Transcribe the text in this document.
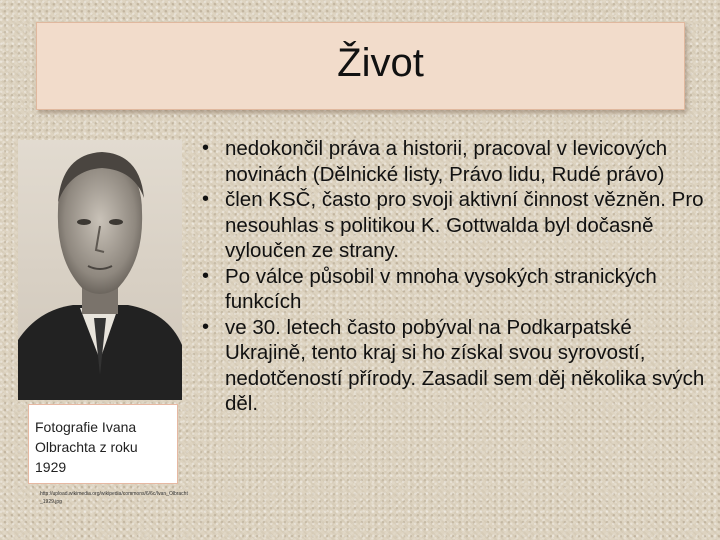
Život
Fotografie Ivana Olbrachta z roku 1929
http://upload.wikimedia.org/wikipedia/commons/6/6c/Ivan_Olbracht_1929.jpg
• nedokončil práva a historii, pracoval v levicových novinách (Dělnické listy, Právo lidu, Rudé právo)
• člen KSČ, často pro svoji aktivní činnost vězněn. Pro nesouhlas s politikou K. Gottwalda byl dočasně vyloučen ze strany.
• Po válce působil v mnoha vysokých stranických funkcích
• ve 30. letech často pobýval na Podkarpatské Ukrajině, tento kraj si ho získal svou syrovostí, nedotčeností přírody. Zasadil sem děj několika svých děl.
